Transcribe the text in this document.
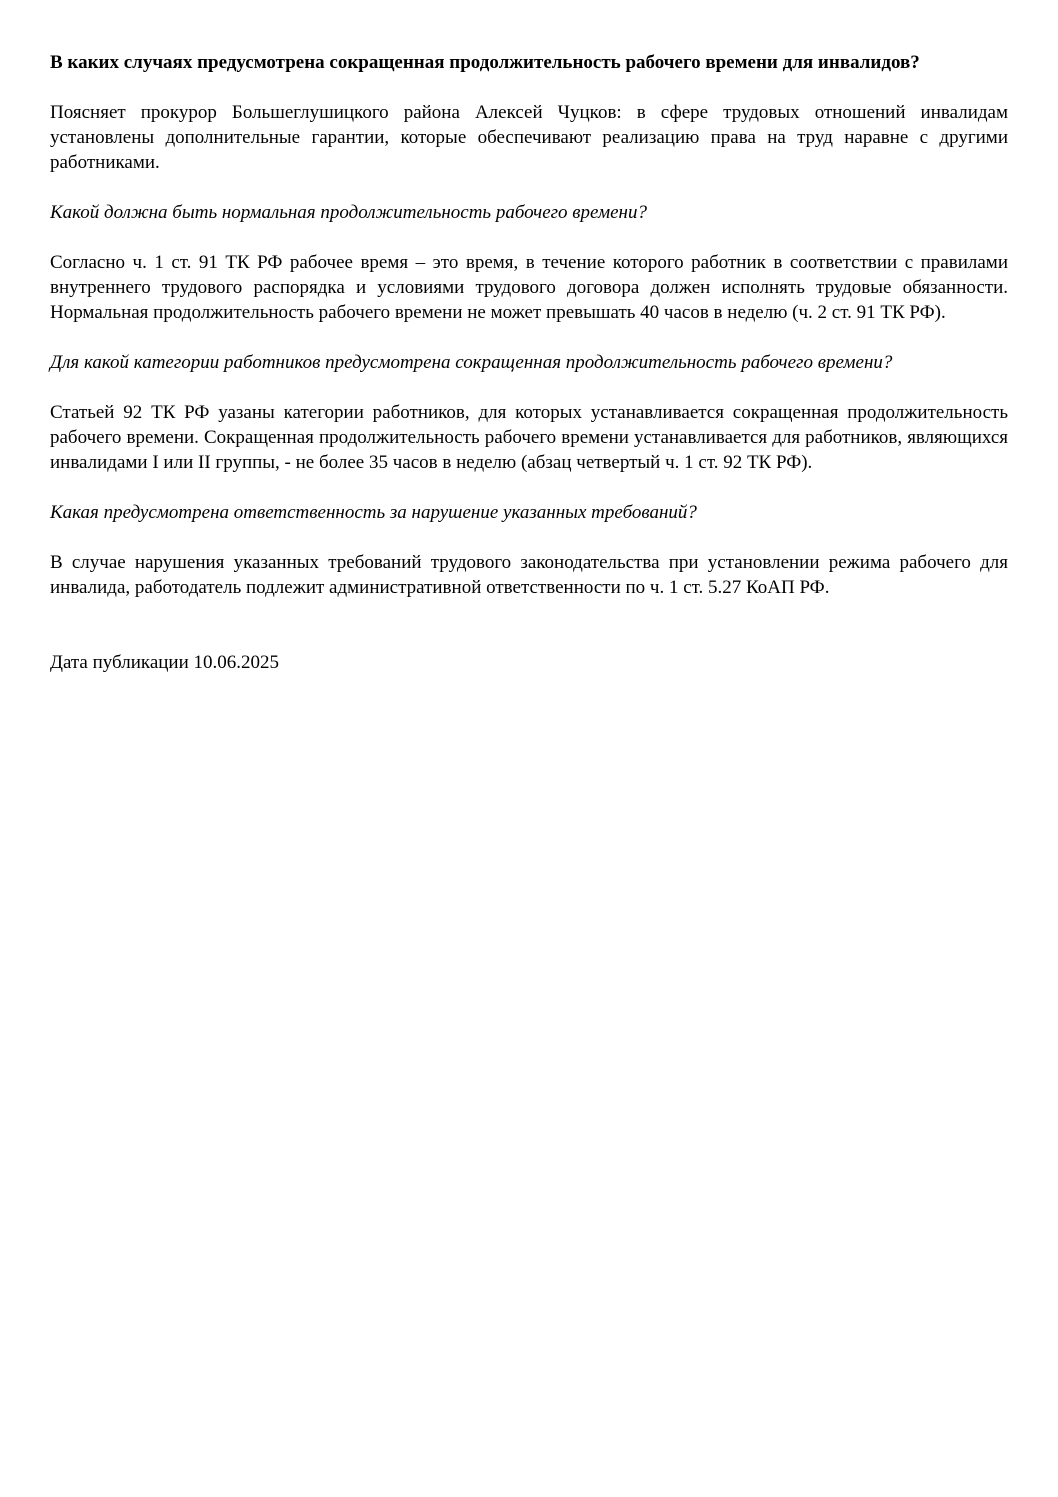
В каких случаях предусмотрена сокращенная продолжительность рабочего времени для инвалидов?

Поясняет прокурор Большеглушицкого района Алексей Чуцков: в сфере трудовых отношений инвалидам установлены дополнительные гарантии, которые обеспечивают реализацию права на труд наравне с другими работниками.

Какой должна быть нормальная продолжительность рабочего времени?

Согласно ч. 1 ст. 91 ТК РФ рабочее время – это время, в течение которого работник в соответствии с правилами внутреннего трудового распорядка и условиями трудового договора должен исполнять трудовые обязанности. Нормальная продолжительность рабочего времени не может превышать 40 часов в неделю (ч. 2 ст. 91 ТК РФ).

Для какой категории работников предусмотрена сокращенная продолжительность рабочего времени?

Статьей 92 ТК РФ уазаны категории работников, для которых устанавливается сокращенная продолжительность рабочего времени. Сокращенная продолжительность рабочего времени устанавливается для работников, являющихся инвалидами I или II группы, - не более 35 часов в неделю (абзац четвертый ч. 1 ст. 92 ТК РФ).

Какая предусмотрена ответственность за нарушение указанных требований?

В случае нарушения указанных требований трудового законодательства при установлении режима рабочего для инвалида, работодатель подлежит административной ответственности по ч. 1 ст. 5.27 КоАП РФ.

Дата публикации 10.06.2025
